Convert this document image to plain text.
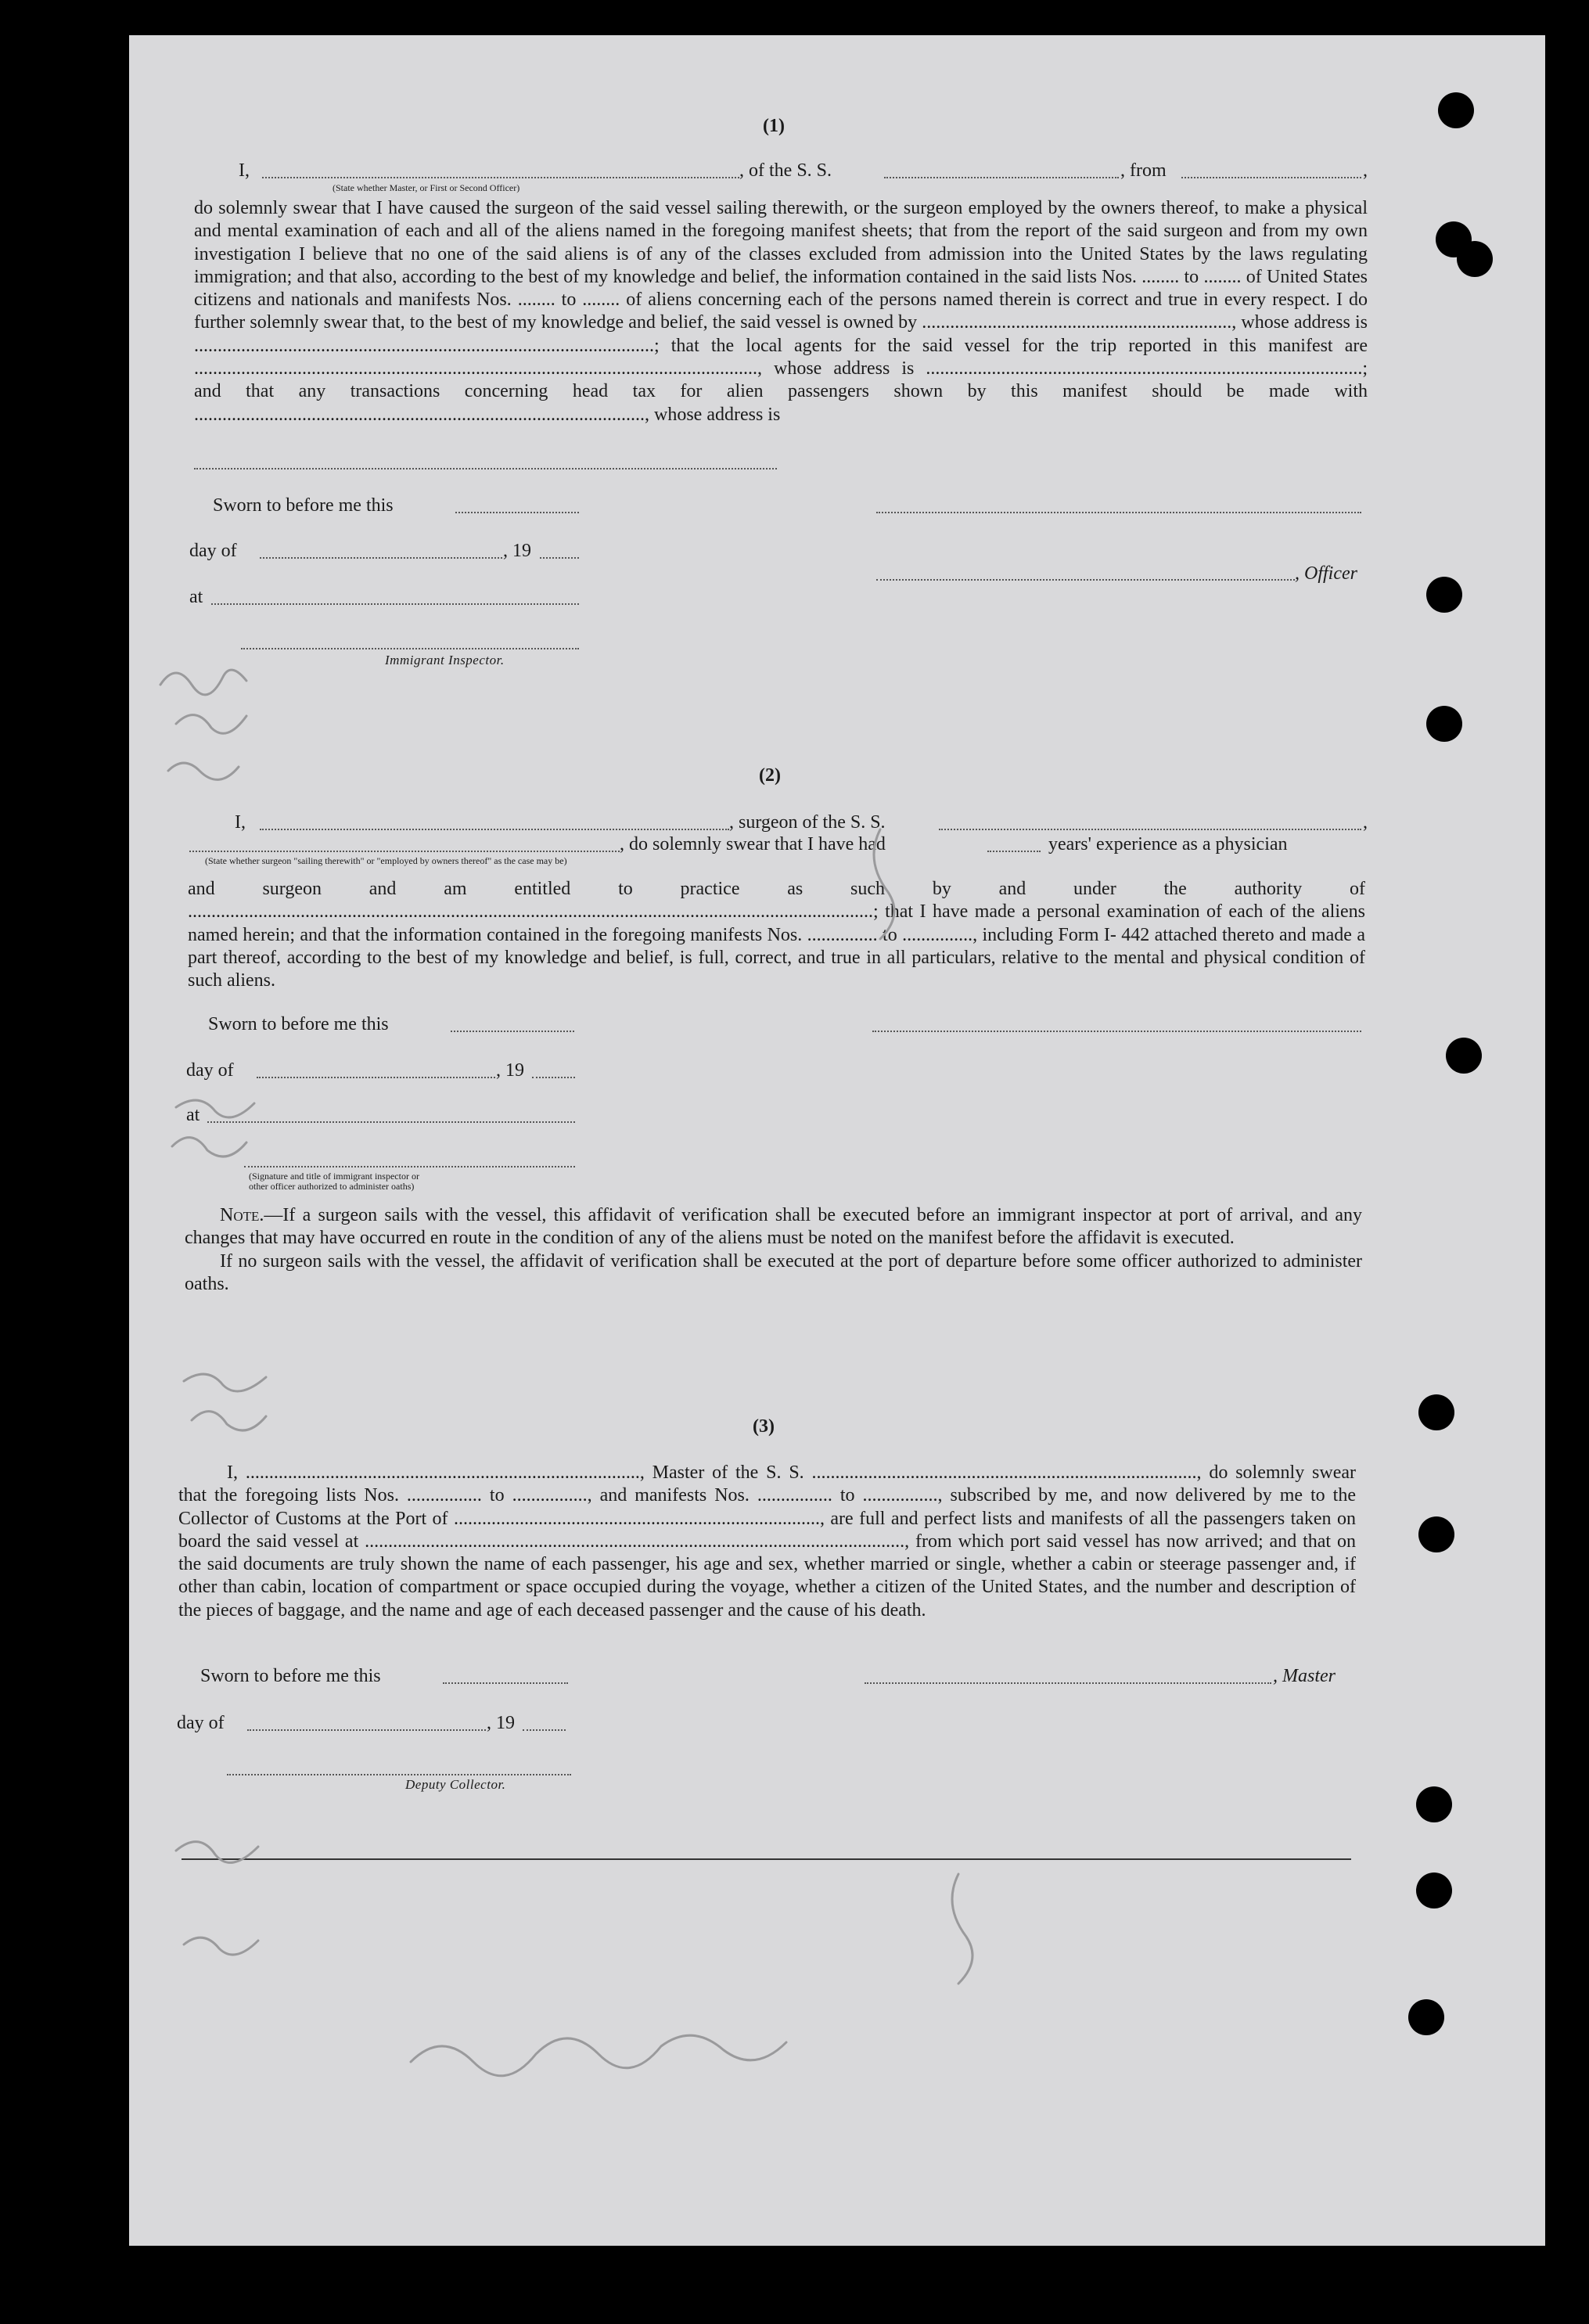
(1)
I,	, of the S. S.	, from	,
(State whether Master, or First or Second Officer)

do solemnly swear that I have caused the surgeon of the said vessel sailing therewith, or the surgeon employed by the owners thereof, to make a physical and mental examination of each and all of the aliens named in the foregoing manifest sheets; that from the report of the said surgeon and from my own investigation I believe that no one of the said aliens is of any of the classes excluded from admission into the United States by the laws regulating immigration; and that also, according to the best of my knowledge and belief, the information contained in the said lists Nos. ........ to ........ of United States citizens and nationals and manifests Nos. ........ to ........ of aliens concerning each of the persons named therein is correct and true in every respect. I do further solemnly swear that, to the best of my knowledge and belief, the said vessel is owned by .................................................................., whose address is ..................................................................................................; that the local agents for the said vessel for the trip reported in this manifest are ........................................................................................................................, whose address is .............................................................................................; and that any transactions concerning head tax for alien passengers shown by this manifest should be made with ................................................................................................, whose address is

Sworn to before me this
day of	, 19
, Officer
at
Immigrant Inspector.
(2)
I,	, surgeon of the S. S.	,
, do solemnly swear that I have had	years' experience as a physician
(State whether surgeon "sailing therewith" or "employed by owners thereof" as the case may be)

and surgeon and am entitled to practice as such by and under the authority of ..................................................................................................................................................; that I have made a personal examination of each of the aliens named herein; and that the information contained in the foregoing manifests Nos. ............... to ..............., including Form I- 442 attached thereto and made a part thereof, according to the best of my knowledge and belief, is full, correct, and true in all particulars, relative to the mental and physical condition of such aliens.

Sworn to before me this
day of	, 19
at
(Signature and title of immigrant inspector or
other officer authorized to administer oaths)

Note.—If a surgeon sails with the vessel, this affidavit of verification shall be executed before an immigrant inspector at port of arrival, and any changes that may have occurred en route in the condition of any of the aliens must be noted on the manifest before the affidavit is executed.

If no surgeon sails with the vessel, the affidavit of verification shall be executed at the port of departure before some officer authorized to administer oaths.

(3)

I, ...................................................................................., Master of the S. S. .................................................................................., do solemnly swear that the foregoing lists Nos. ................ to ................, and manifests Nos. ................ to ................, subscribed by me, and now delivered by me to the Collector of Customs at the Port of .............................................................................., are full and perfect lists and manifests of all the passengers taken on board the said vessel at ..................................................................................................................., from which port said vessel has now arrived; and that on the said documents are truly shown the name of each passenger, his age and sex, whether married or single, whether a cabin or steerage passenger and, if other than cabin, location of compartment or space occupied during the voyage, whether a citizen of the United States, and the number and description of the pieces of baggage, and the name and age of each deceased passenger and the cause of his death.

Sworn to before me this	, Master
day of	, 19
Deputy Collector.
